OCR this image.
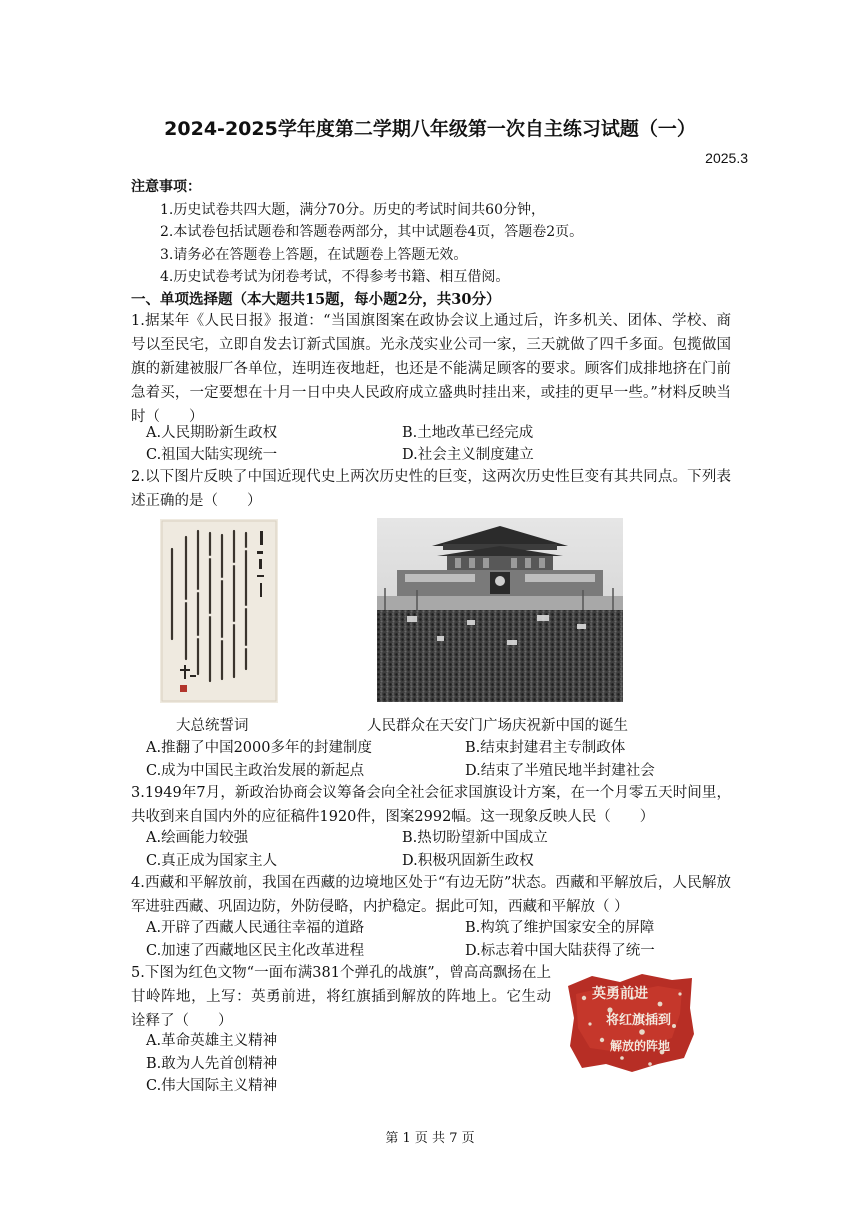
2024-2025学年度第二学期八年级第一次自主练习试题（一）
2025.3
注意事项：
1.历史试卷共四大题，满分70分。历史的考试时间共60分钟，
2.本试卷包括试题卷和答题卷两部分，其中试题卷4页，答题卷2页。
3.请务必在答题卷上答题，在试题卷上答题无效。
4.历史试卷考试为闭卷考试，不得参考书籍、相互借阅。
一、单项选择题（本大题共15题，每小题2分，共30分）
1.据某年《人民日报》报道：“当国旗图案在政协会议上通过后，许多机关、团体、学校、商号以至民宅，立即自发去订新式国旗。光永茂实业公司一家，三天就做了四千多面。包揽做国旗的新建被服厂各单位，连明连夜地赶，也还是不能满足顾客的要求。顾客们成排地挤在门前急着买，一定要想在十月一日中央人民政府成立盛典时挂出来，或挂的更早一些。”材料反映当时（　　）
A.人民期盼新生政权	B.土地改革已经完成
C.祖国大陆实现统一	D.社会主义制度建立
2.以下图片反映了中国近现代史上两次历史性的巨变，这两次历史性巨变有其共同点。下列表述正确的是（　　）
大总统誓词	人民群众在天安门广场庆祝新中国的诞生
A.推翻了中国2000多年的封建制度	B.结束封建君主专制政体
C.成为中国民主政治发展的新起点	D.结束了半殖民地半封建社会
3.1949年7月，新政治协商会议筹备会向全社会征求国旗设计方案，在一个月零五天时间里，共收到来自国内外的应征稿件1920件，图案2992幅。这一现象反映人民（　　）
A.绘画能力较强	B.热切盼望新中国成立
C.真正成为国家主人	D.积极巩固新生政权
4.西藏和平解放前，我国在西藏的边境地区处于“有边无防”状态。西藏和平解放后，人民解放军进驻西藏、巩固边防，外防侵略，内护稳定。据此可知，西藏和平解放（ ）
A.开辟了西藏人民通往幸福的道路	B.构筑了维护国家安全的屏障
C.加速了西藏地区民主化改革进程	D.标志着中国大陆获得了统一
5.下图为红色文物“一面布满381个弹孔的战旗”，曾高高飘扬在上甘岭阵地，上写：英勇前进，将红旗插到解放的阵地上。它生动诠释了（　　）
A.革命英雄主义精神
B.敢为人先首创精神
C.伟大国际主义精神
英勇前进
将红旗插到
解放的阵地
第 1 页 共 7 页
